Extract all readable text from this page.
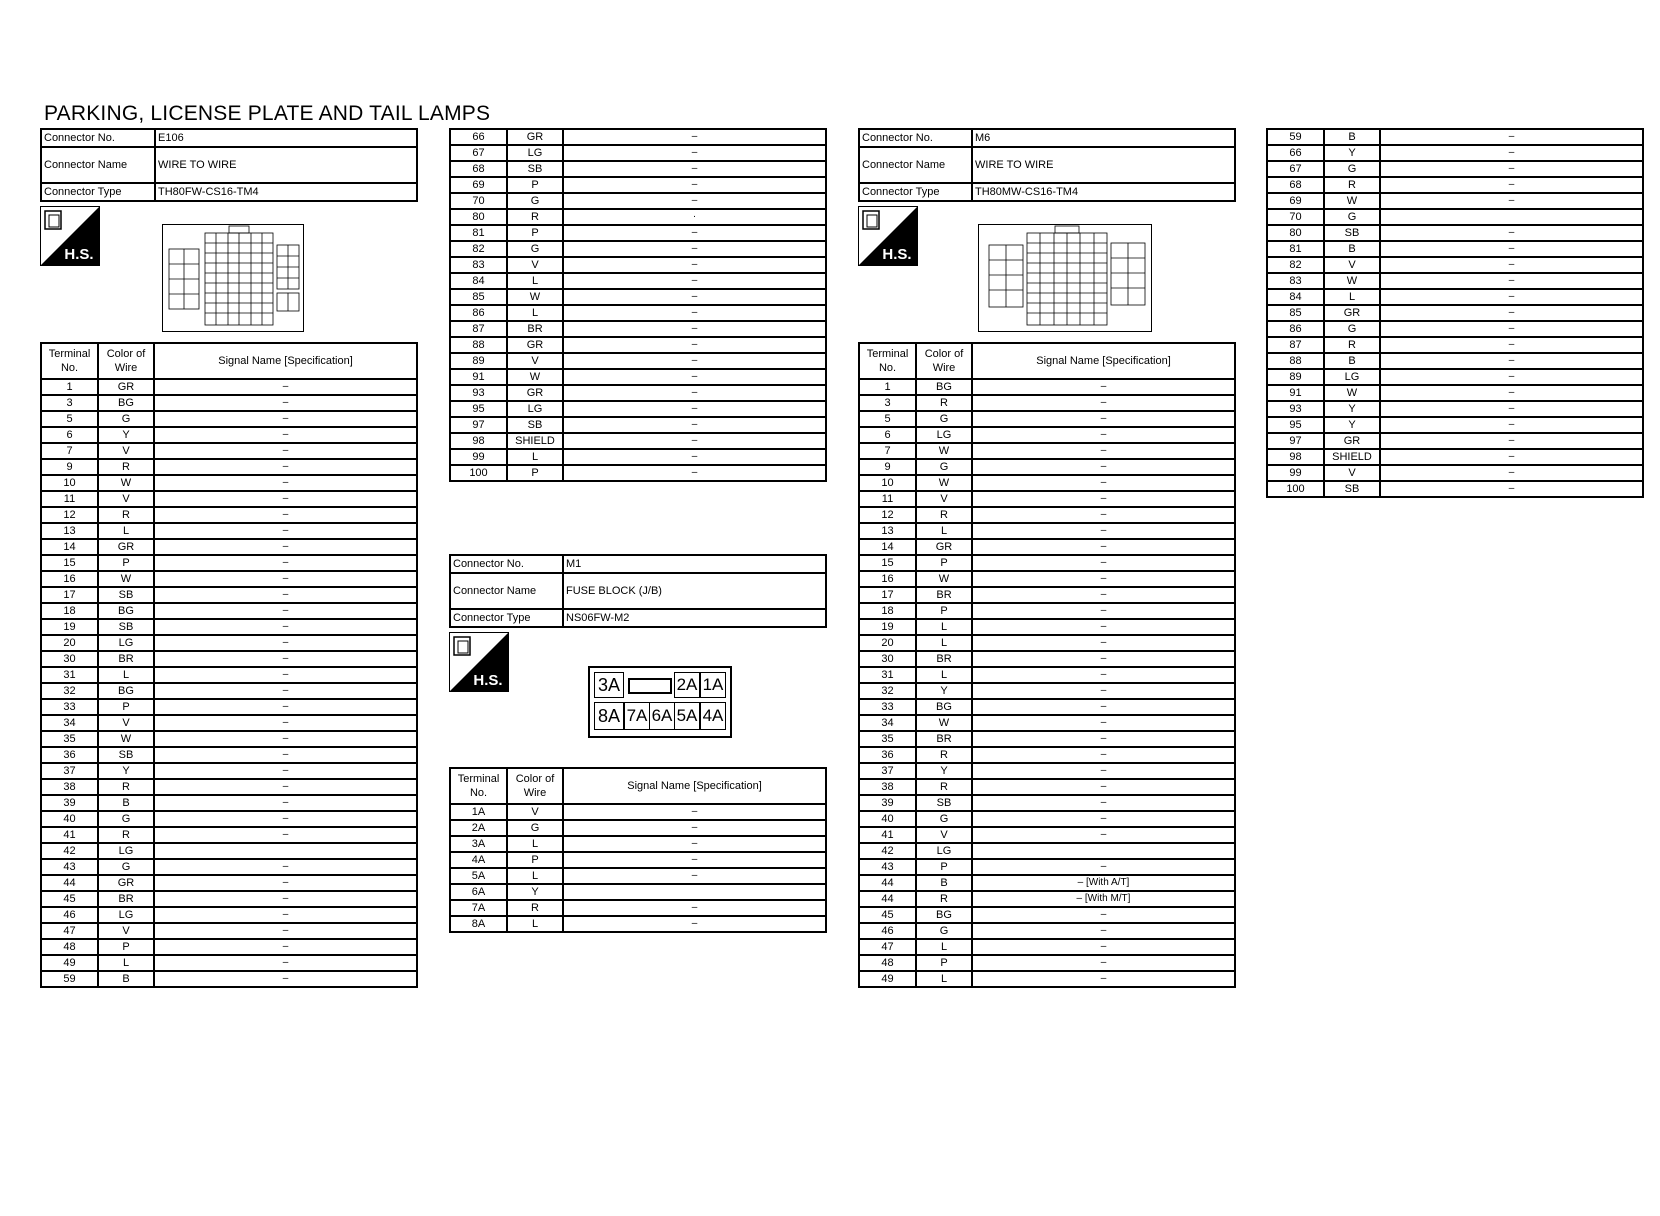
PARKING, LICENSE PLATE AND TAIL LAMPS
Connector No.	E106
Connector Name	WIRE TO WIRE
Connector Type	TH80FW-CS16-TM4
H.S.
Terminal No.	Color of Wire	Signal Name [Specification]
1	GR	–
3	BG	–
5	G	–
6	Y	–
7	V	–
9	R	–
10	W	–
11	V	–
12	R	–
13	L	–
14	GR	–
15	P	–
16	W	–
17	SB	–
18	BG	–
19	SB	–
20	LG	–
30	BR	–
31	L	–
32	BG	–
33	P	–
34	V	–
35	W	–
36	SB	–
37	Y	–
38	R	–
39	B	–
40	G	–
41	R	–
42	LG	
43	G	–
44	GR	–
45	BR	–
46	LG	–
47	V	–
48	P	–
49	L	–
59	B	–
66	GR	–
67	LG	–
68	SB	–
69	P	–
70	G	–
80	R	·
81	P	–
82	G	–
83	V	–
84	L	–
85	W	–
86	L	–
87	BR	–
88	GR	–
89	V	–
91	W	–
93	GR	–
95	LG	–
97	SB	–
98	SHIELD	–
99	L	–
100	P	–
Connector No.	M1
Connector Name	FUSE BLOCK (J/B)
Connector Type	NS06FW-M2
H.S.	3A	2A 1A
8A 7A 6A 5A 4A
Terminal No.	Color of Wire	Signal Name [Specification]
1A	V	–
2A	G	–
3A	L	–
4A	P	–
5A	L	–
6A	Y	
7A	R	–
8A	L	–
Connector No.	M6
Connector Name	WIRE TO WIRE
Connector Type	TH80MW-CS16-TM4
H.S.
Terminal No.	Color of Wire	Signal Name [Specification]
1	BG	–
3	R	–
5	G	–
6	LG	–
7	W	–
9	G	–
10	W	–
11	V	–
12	R	–
13	L	–
14	GR	–
15	P	–
16	W	–
17	BR	–
18	P	–
19	L	–
20	L	–
30	BR	–
31	L	–
32	Y	–
33	BG	–
34	W	–
35	BR	–
36	R	–
37	Y	–
38	R	–
39	SB	–
40	G	–
41	V	–
42	LG	
43	P	–
44	B	– [With A/T]
44	R	– [With M/T]
45	BG	–
46	G	–
47	L	–
48	P	–
49	L	–
59	B	–
66	Y	–
67	G	–
68	R	–
69	W	–
70	G	
80	SB	–
81	B	–
82	V	–
83	W	–
84	L	–
85	GR	–
86	G	–
87	R	–
88	B	–
89	LG	–
91	W	–
93	Y	–
95	Y	–
97	GR	–
98	SHIELD	–
99	V	–
100	SB	–
